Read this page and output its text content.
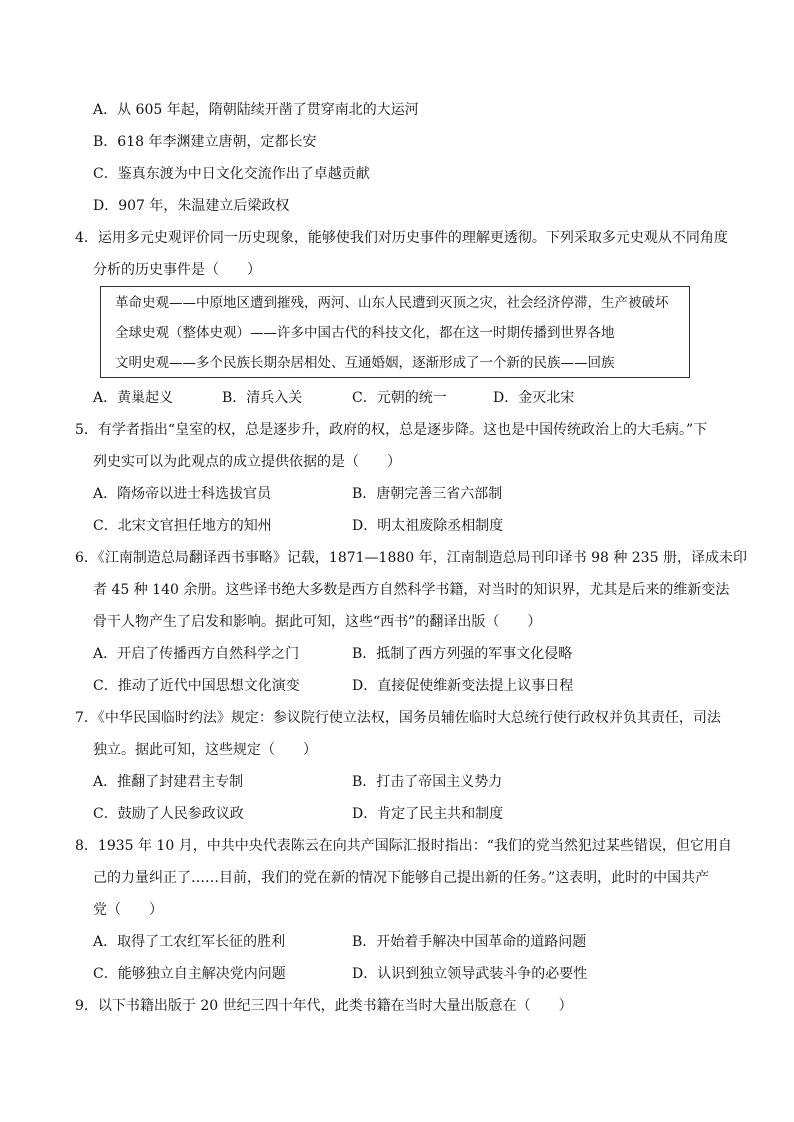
A．从 605 年起，隋朝陆续开凿了贯穿南北的大运河
B．618 年李渊建立唐朝，定都长安
C．鉴真东渡为中日文化交流作出了卓越贡献
D．907 年，朱温建立后梁政权
4．运用多元史观评价同一历史现象，能够使我们对历史事件的理解更透彻。下列采取多元史观从不同角度
分析的历史事件是（　　）
革命史观——中原地区遭到摧残，两河、山东人民遭到灭顶之灾，社会经济停滞，生产被破坏
全球史观（整体史观）——许多中国古代的科技文化，都在这一时期传播到世界各地
文明史观——多个民族长期杂居相处、互通婚姻，逐渐形成了一个新的民族——回族
A．黄巢起义	B．清兵入关	C．元朝的统一	D．金灭北宋
5．有学者指出“皇室的权，总是逐步升，政府的权，总是逐步降。这也是中国传统政治上的大毛病。”下
列史实可以为此观点的成立提供依据的是（　　）
A．隋炀帝以进士科选拔官员	B．唐朝完善三省六部制
C．北宋文官担任地方的知州	D．明太祖废除丞相制度
6．《江南制造总局翻译西书事略》记载，1871—1880 年，江南制造总局刊印译书 98 种 235 册，译成未印
者 45 种 140 余册。这些译书绝大多数是西方自然科学书籍，对当时的知识界，尤其是后来的维新变法
骨干人物产生了启发和影响。据此可知，这些“西书”的翻译出版（　　）
A．开启了传播西方自然科学之门	B．抵制了西方列强的军事文化侵略
C．推动了近代中国思想文化演变	D．直接促使维新变法提上议事日程
7．《中华民国临时约法》规定：参议院行使立法权，国务员辅佐临时大总统行使行政权并负其责任，司法
独立。据此可知，这些规定（　　）
A．推翻了封建君主专制	B．打击了帝国主义势力
C．鼓励了人民参政议政	D．肯定了民主共和制度
8．1935 年 10 月，中共中央代表陈云在向共产国际汇报时指出：“我们的党当然犯过某些错误，但它用自
己的力量纠正了……目前，我们的党在新的情况下能够自己提出新的任务。”这表明，此时的中国共产
党（　　）
A．取得了工农红军长征的胜利	B．开始着手解决中国革命的道路问题
C．能够独立自主解决党内问题	D．认识到独立领导武装斗争的必要性
9．以下书籍出版于 20 世纪三四十年代，此类书籍在当时大量出版意在（　　）
